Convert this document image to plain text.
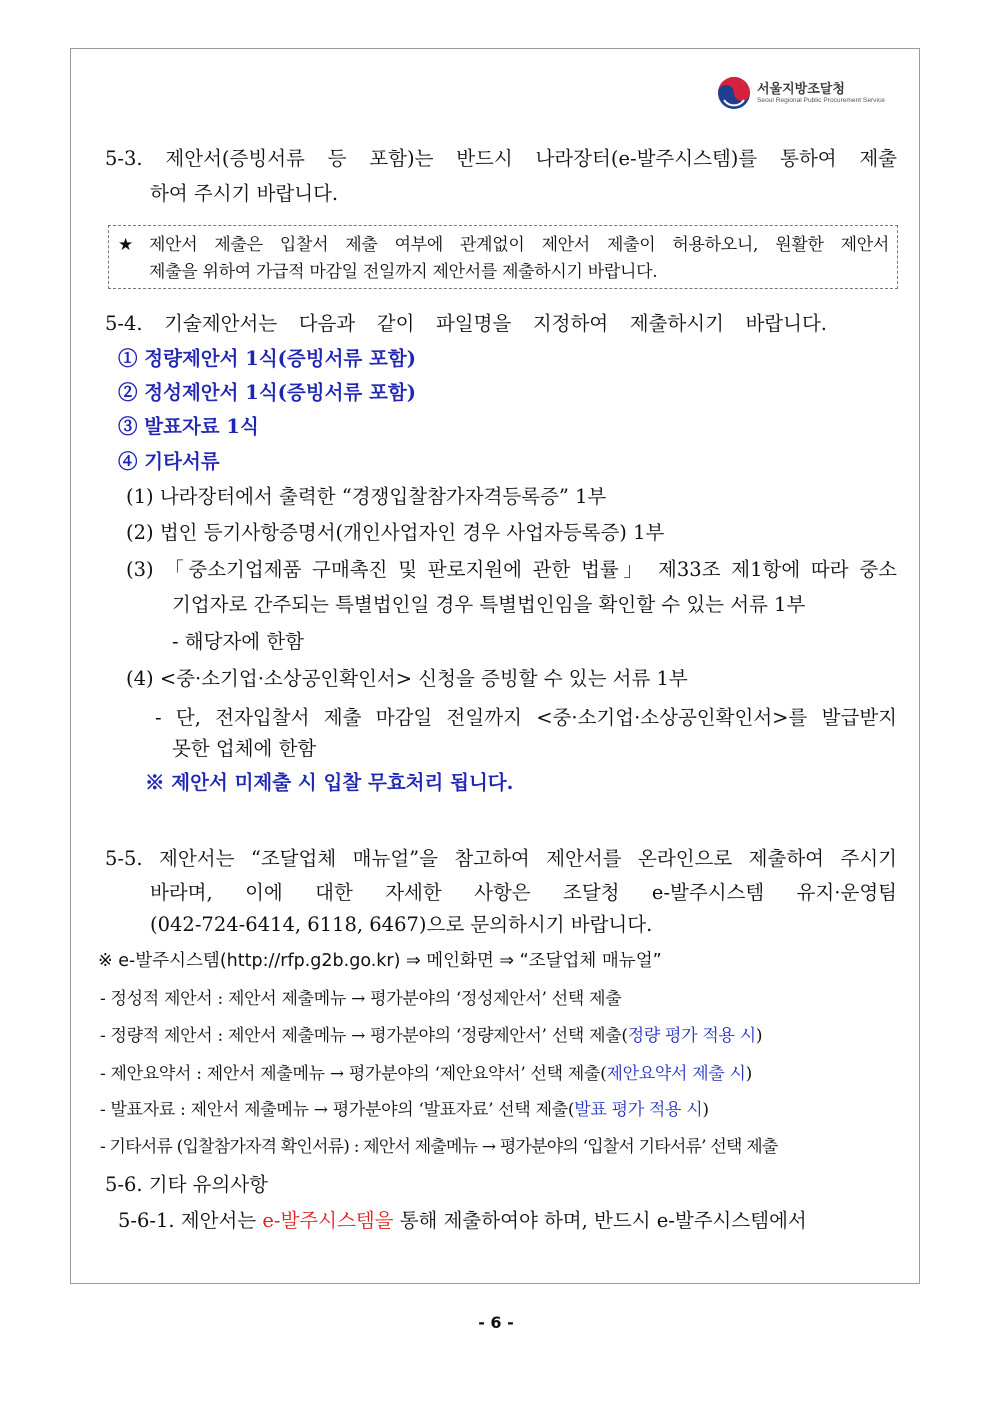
서울지방조달청
Seoul Regional Public Procurement Service
5-3. 제안서(증빙서류 등 포함)는 반드시 나라장터(e-발주시스템)를 통하여 제출
하여 주시기 바랍니다.
★ 제안서 제출은 입찰서 제출 여부에 관계없이 제안서 제출이 허용하오니, 원활한 제안서
제출을 위하여 가급적 마감일 전일까지 제안서를 제출하시기 바랍니다.
5-4. 기술제안서는 다음과 같이 파일명을 지정하여 제출하시기 바랍니다.
① 정량제안서 1식(증빙서류 포함)
② 정성제안서 1식(증빙서류 포함)
③ 발표자료 1식
④ 기타서류
(1) 나라장터에서 출력한 “경쟁입찰참가자격등록증” 1부
(2) 법인 등기사항증명서(개인사업자인 경우 사업자등록증) 1부
(3) 「중소기업제품 구매촉진 및 판로지원에 관한 법률」 제33조 제1항에 따라 중소
기업자로 간주되는 특별법인일 경우 특별법인임을 확인할 수 있는 서류 1부
- 해당자에 한함
(4) <중·소기업·소상공인확인서> 신청을 증빙할 수 있는 서류 1부
- 단, 전자입찰서 제출 마감일 전일까지 <중·소기업·소상공인확인서>를 발급받지
못한 업체에 한함
※ 제안서 미제출 시 입찰 무효처리 됩니다.
5-5. 제안서는 “조달업체 매뉴얼”을 참고하여 제안서를 온라인으로 제출하여 주시기
바라며, 이에 대한 자세한 사항은 조달청 e-발주시스템 유지·운영팀
(042-724-6414, 6118, 6467)으로 문의하시기 바랍니다.
※ e-발주시스템(http://rfp.g2b.go.kr) ⇒ 메인화면 ⇒ “조달업체 매뉴얼”
- 정성적 제안서 : 제안서 제출메뉴 → 평가분야의 ‘정성제안서’ 선택 제출
- 정량적 제안서 : 제안서 제출메뉴 → 평가분야의 ‘정량제안서’ 선택 제출(정량 평가 적용 시)
- 제안요약서 : 제안서 제출메뉴 → 평가분야의 ‘제안요약서’ 선택 제출(제안요약서 제출 시)
- 발표자료 : 제안서 제출메뉴 → 평가분야의 ‘발표자료’ 선택 제출(발표 평가 적용 시)
- 기타서류 (입찰참가자격 확인서류) : 제안서 제출메뉴 → 평가분야의 ‘입찰서 기타서류’ 선택 제출
5-6. 기타 유의사항
5-6-1. 제안서는 e-발주시스템을 통해 제출하여야 하며, 반드시 e-발주시스템에서
- 6 -
